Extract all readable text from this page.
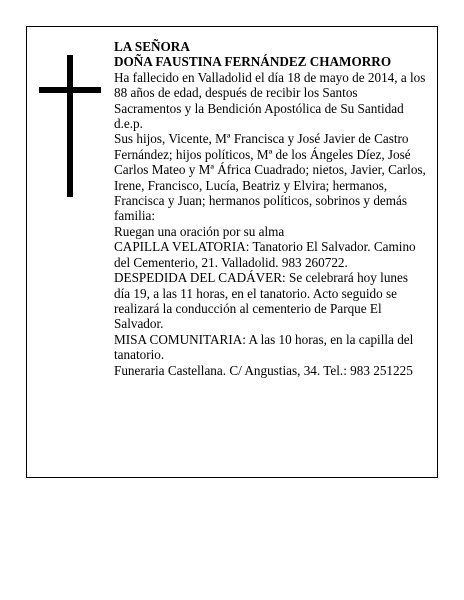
LA SEÑORA

DOÑA FAUSTINA FERNÁNDEZ CHAMORRO

Ha fallecido en Valladolid el día 18 de mayo de 2014, a los 88 años de edad, después de recibir los Santos Sacramentos y la Bendición Apostólica de Su Santidad d.e.p.

Sus hijos, Vicente, Mª Francisca y José Javier de Castro Fernández; hijos políticos, Mª de los Ángeles Díez, José Carlos Mateo y Mª África Cuadrado; nietos, Javier, Carlos, Irene, Francisco, Lucía, Beatriz y Elvira; hermanos, Francisca y Juan; hermanos políticos, sobrinos y demás familia:

Ruegan una oración por su alma

CAPILLA VELATORIA: Tanatorio El Salvador. Camino del Cementerio, 21. Valladolid. 983 260722.

DESPEDIDA DEL CADÁVER: Se celebrará hoy lunes día 19, a las 11 horas, en el tanatorio. Acto seguido se realizará la conducción al cementerio de Parque El Salvador.

MISA COMUNITARIA: A las 10 horas, en la capilla del tanatorio.

Funeraria Castellana. C/ Angustias, 34. Tel.: 983 251225
